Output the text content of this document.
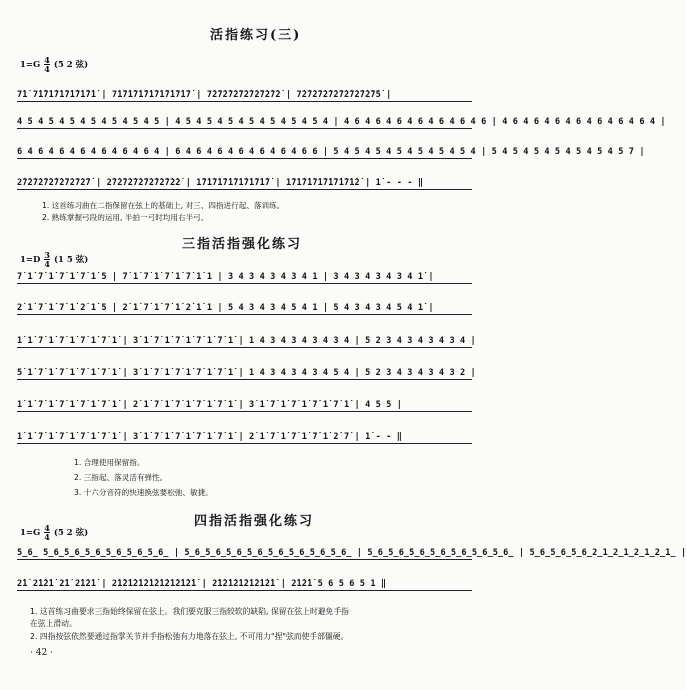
活指练习(三)
$1=G \frac{4}{4} (5$ 2 弦)
7̇1̇ 7̇1̇7̇1̇7̇1̇7̇1̇7̇1̇7̇1̇ | 7̇1̇7̇1̇7̇1̇7̇1̇7̇1̇7̇1̇7̇1̇7̇ | 7̇2̇7̇2̇7̇2̇7̇2̇7̇2̇7̇2̇7̇2̇ | 7̇2̇7̇2̇7̇2̇7̇2̇7̇2̇7̇2̇7̇2̇7̇5̇ |
4 5 4 5 4 5 4 5 4 5 4 5 4 5 | 4 5 4 5 4 5 4 5 4 5 4 5 4 5 4 | 4 6 4 6 4 6 4 6 4 6 4 6 4 6 | 4 6 4 6 4 6 4 6 4 6 4 6 4 6 4 |
6 4 6 4 6 4 6 4 6 4 6 4 6 4 | 6 4 6 4 6 4 6 4 6 4 6 4 6 6 | 5 4 5 4 5 4 5 4 5 4 5 4 5 4 | 5 4 5 4 5 4 5 4 5 4 5 4 5 7 |
2̇7̇2̇7̇2̇7̇2̇7̇2̇7̇2̇7̇2̇7̇ | 2̇7̇2̇7̇2̇7̇2̇7̇2̇7̇2̇7̇2̇2̇ | 1̇7̇1̇7̇1̇7̇1̇7̇1̇7̇1̇7̇1̇7̇ | 1̇7̇1̇7̇1̇7̇1̇7̇1̇7̇1̇7̇1̇2̇ | 1̇ - - - ‖
1. 这首练习曲在二指保留在弦上的基础上, 对三、四指进行起、落训练。
2. 熟练掌握弓段的运用, 半拍一弓时均用右半弓。
三指活指强化练习
$1=D \frac{3}{4} (1$ 5 弦)
7̇ 1̇ 7̇ 1̇ 7̇ 1̇ 7̇ 1̇ 5 | 7̇ 1̇ 7̇ 1̇ 7̇ 1̇ 7̇ 1̇ 1 | 3 4 3 4 3 4 3 4 1 | 3 4 3 4 3 4 3 4 1̇ |
2̇ 1̇ 7̇ 1̇ 7̇ 1̇ 2̇ 1̇ 5 | 2̇ 1̇ 7̇ 1̇ 7̇ 1̇ 2̇ 1̇ 1 | 5 4 3 4 3 4 5 4 1 | 5 4 3 4 3 4 5 4 1̇ |
1̇ 1̇ 7̇ 1̇ 7̇ 1̇ 7̇ 1̇ 7̇ 1̇ | 3̇ 1̇ 7̇ 1̇ 7̇ 1̇ 7̇ 1̇ 7̇ 1̇ | 1 4 3 4 3 4 3 4 3 4 | 5 2 3 4 3 4 3 4 3 4 |
5̇ 1̇ 7̇ 1̇ 7̇ 1̇ 7̇ 1̇ 7̇ 1̇ | 3̇ 1̇ 7̇ 1̇ 7̇ 1̇ 7̇ 1̇ 7̇ 1̇ | 1 4 3 4 3 4 3 4 5 4 | 5 2 3 4 3 4 3 4 3 2 |
1̇ 1̇ 7̇ 1̇ 7̇ 1̇ 7̇ 1̇ 7̇ 1̇ | 2̇ 1̇ 7̇ 1̇ 7̇ 1̇ 7̇ 1̇ 7̇ 1̇ | 3̇ 1̇ 7̇ 1̇ 7̇ 1̇ 7̇ 1̇ 7̇ 1̇ | 4 5 5 |
1̇ 1̇ 7̇ 1̇ 7̇ 1̇ 7̇ 1̇ 7̇ 1̇ | 3̇ 1̇ 7̇ 1̇ 7̇ 1̇ 7̇ 1̇ 7̇ 1̇ | 2̇ 1̇ 7̇ 1̇ 7̇ 1̇ 7̇ 1̇ 2̇ 7̇ | 1̇ - - ‖
1. 合理使用保留指。
2. 三指起、落灵活有弹性。
3. 十六分音符的快速换弦要松弛、敏捷。
四指活指强化练习
$1=G \frac{4}{4} (5$ 2 弦)
5̲6̲ 5̲6̲5̲6̲5̲6̲5̲6̲5̲6̲5̲6̲ | 5̲6̲5̲6̲5̲6̲5̲6̲5̲6̲5̲6̲5̲6̲5̲6̲ | 5̲6̲5̲6̲5̲6̲5̲6̲5̲6̲5̲6̲5̲6̲ | 5̲6̲5̲6̲5̲6̲2̲1̲2̲1̲2̲1̲2̲1̲ |
2̇1̇ 2̇1̇2̇1̇ 2̇1̇ 2̇1̇2̇1̇ | 2̇1̇2̇1̇2̇1̇2̇1̇2̇1̇2̇1̇2̇1̇2̇1̇ | 2̇1̇2̇1̇2̇1̇2̇1̇2̇1̇2̇1̇ | 2̇1̇2̇1̇ 5 6 5 6 5 1 ‖
1. 这首练习曲要求三指始终保留在弦上。我们要克服三指较软的缺陷, 保留在弦上时避免手指
在弦上滑动。
2. 四指按弦依然要通过指掌关节并手指松弛有力地落在弦上, 不可用力"捏"弦而使手部僵硬。
· 42 ·
